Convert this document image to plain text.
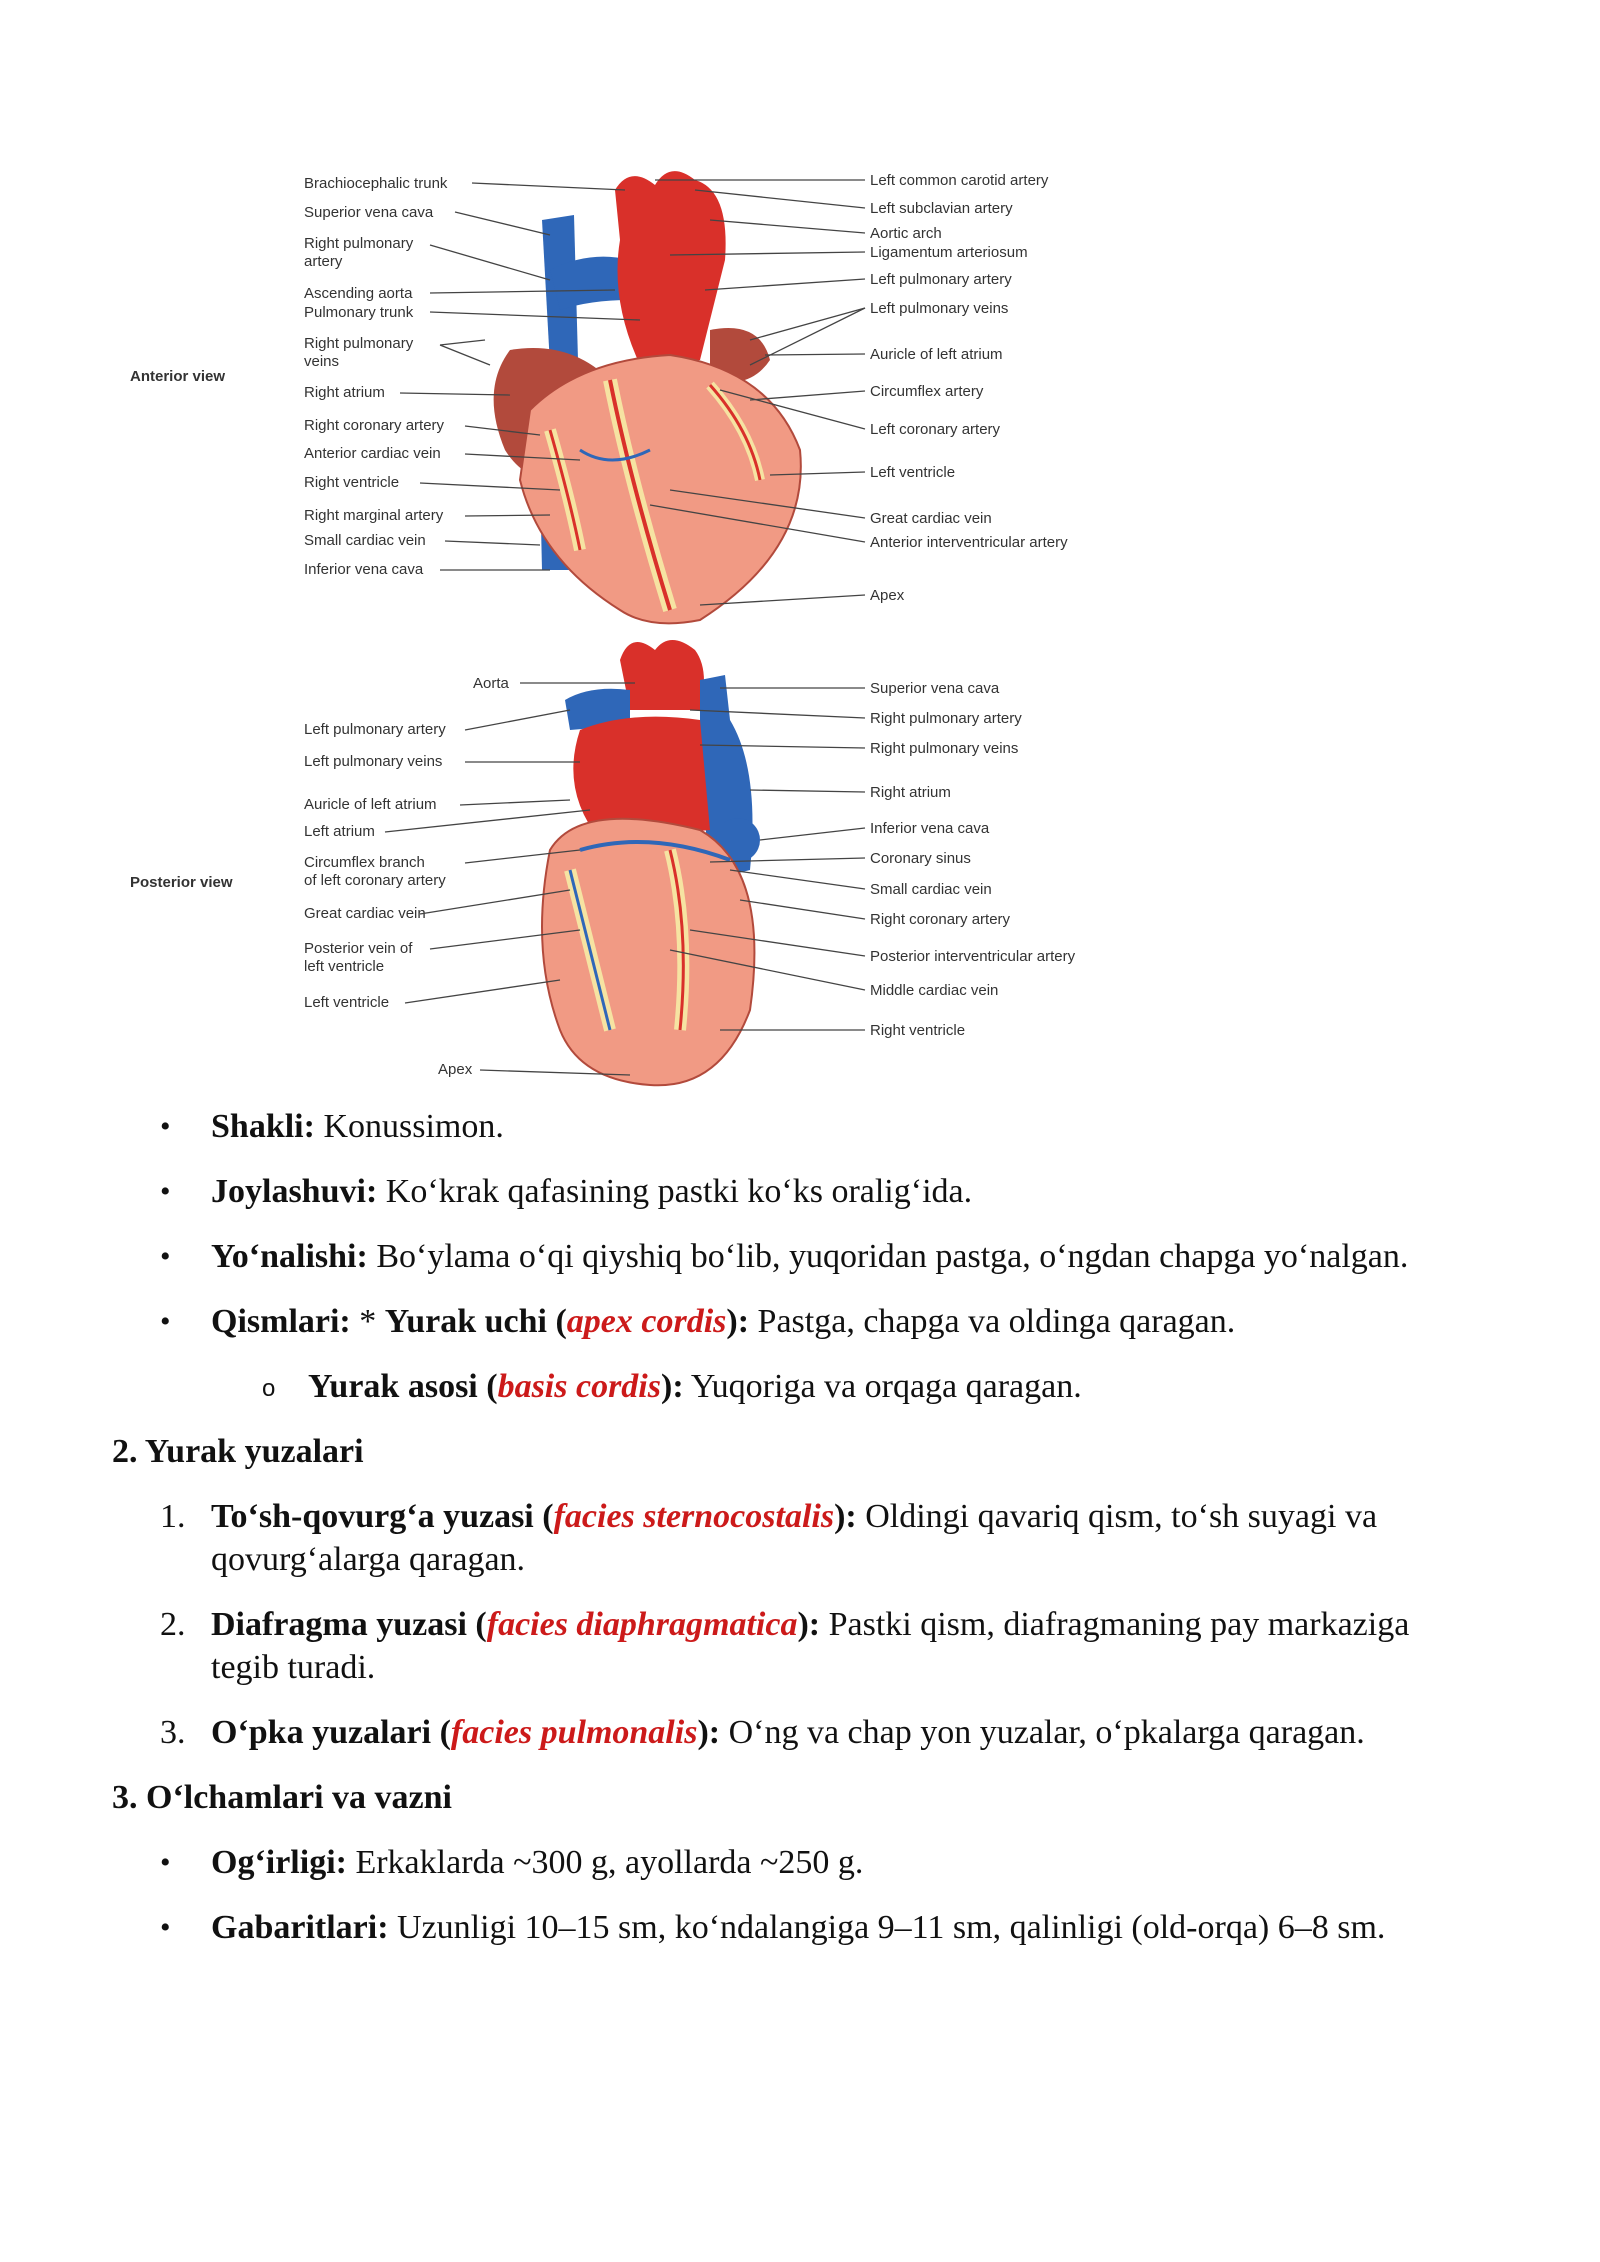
Anterior view
Posterior view
Brachiocephalic trunk
Superior vena cava
Right pulmonary
artery
Ascending aorta
Pulmonary trunk
Right pulmonary
veins
Right atrium
Right coronary artery
Anterior cardiac vein
Right ventricle
Right marginal artery
Small cardiac vein
Inferior vena cava
Left common carotid artery
Left subclavian artery
Aortic arch
Ligamentum arteriosum
Left pulmonary artery
Left pulmonary veins
Auricle of left atrium
Circumflex artery
Left coronary artery
Left ventricle
Great cardiac vein
Anterior interventricular artery
Apex
Aorta
Left pulmonary artery
Left pulmonary veins
Auricle of left atrium
Left atrium
Circumflex branch
of left coronary artery
Great cardiac vein
Posterior vein of
left ventricle
Left ventricle
Apex
Superior vena cava
Right pulmonary artery
Right pulmonary veins
Right atrium
Inferior vena cava
Coronary sinus
Small cardiac vein
Right coronary artery
Posterior interventricular artery
Middle cardiac vein
Right ventricle
• Shakli: Konussimon.
• Joylashuvi: Koʻkrak qafasining pastki koʻks oraligʻida.
• Yoʻnalishi: Boʻylama oʻqi qiyshiq boʻlib, yuqoridan pastga, oʻngdan chapga yoʻnalgan.
• Qismlari: * Yurak uchi (apex cordis): Pastga, chapga va oldinga qaragan.
o Yurak asosi (basis cordis): Yuqoriga va orqaga qaragan.
2. Yurak yuzalari
1. Toʻsh-qovurgʻa yuzasi (facies sternocostalis): Oldingi qavariq qism, toʻsh suyagi va qovurgʻalarga qaragan.
2. Diafragma yuzasi (facies diaphragmatica): Pastki qism, diafragmaning pay markaziga tegib turadi.
3. Oʻpka yuzalari (facies pulmonalis): Oʻng va chap yon yuzalar, oʻpkalarga qaragan.
3. Oʻlchamlari va vazni
• Ogʻirligi: Erkaklarda ~300 g, ayollarda ~250 g.
• Gabaritlari: Uzunligi 10–15 sm, koʻndalangiga 9–11 sm, qalinligi (old-orqa) 6–8 sm.
